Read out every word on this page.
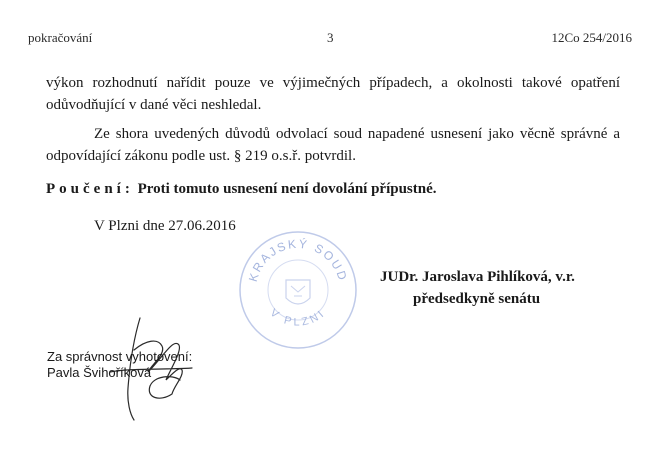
pokračování	3	12Co 254/2016

výkon rozhodnutí nařídit pouze ve výjimečných případech, a okolnosti takové opatření

odůvodňující v dané věci neshledal.

Ze shora uvedených důvodů odvolací soud napadené usnesení jako věcně správné a

odpovídající zákonu podle ust. § 219 o.s.ř. potvrdil.

Poučení: Proti tomuto usnesení není dovolání přípustné.
V Plzni dne 27.06.2016
KRAJSKÝ SOUD
V PLZNI
JUDr. Jaroslava Pihlíková, v.r.
předsedkyně senátu
Za správnost vyhotovení:
Pavla Švihoříková
